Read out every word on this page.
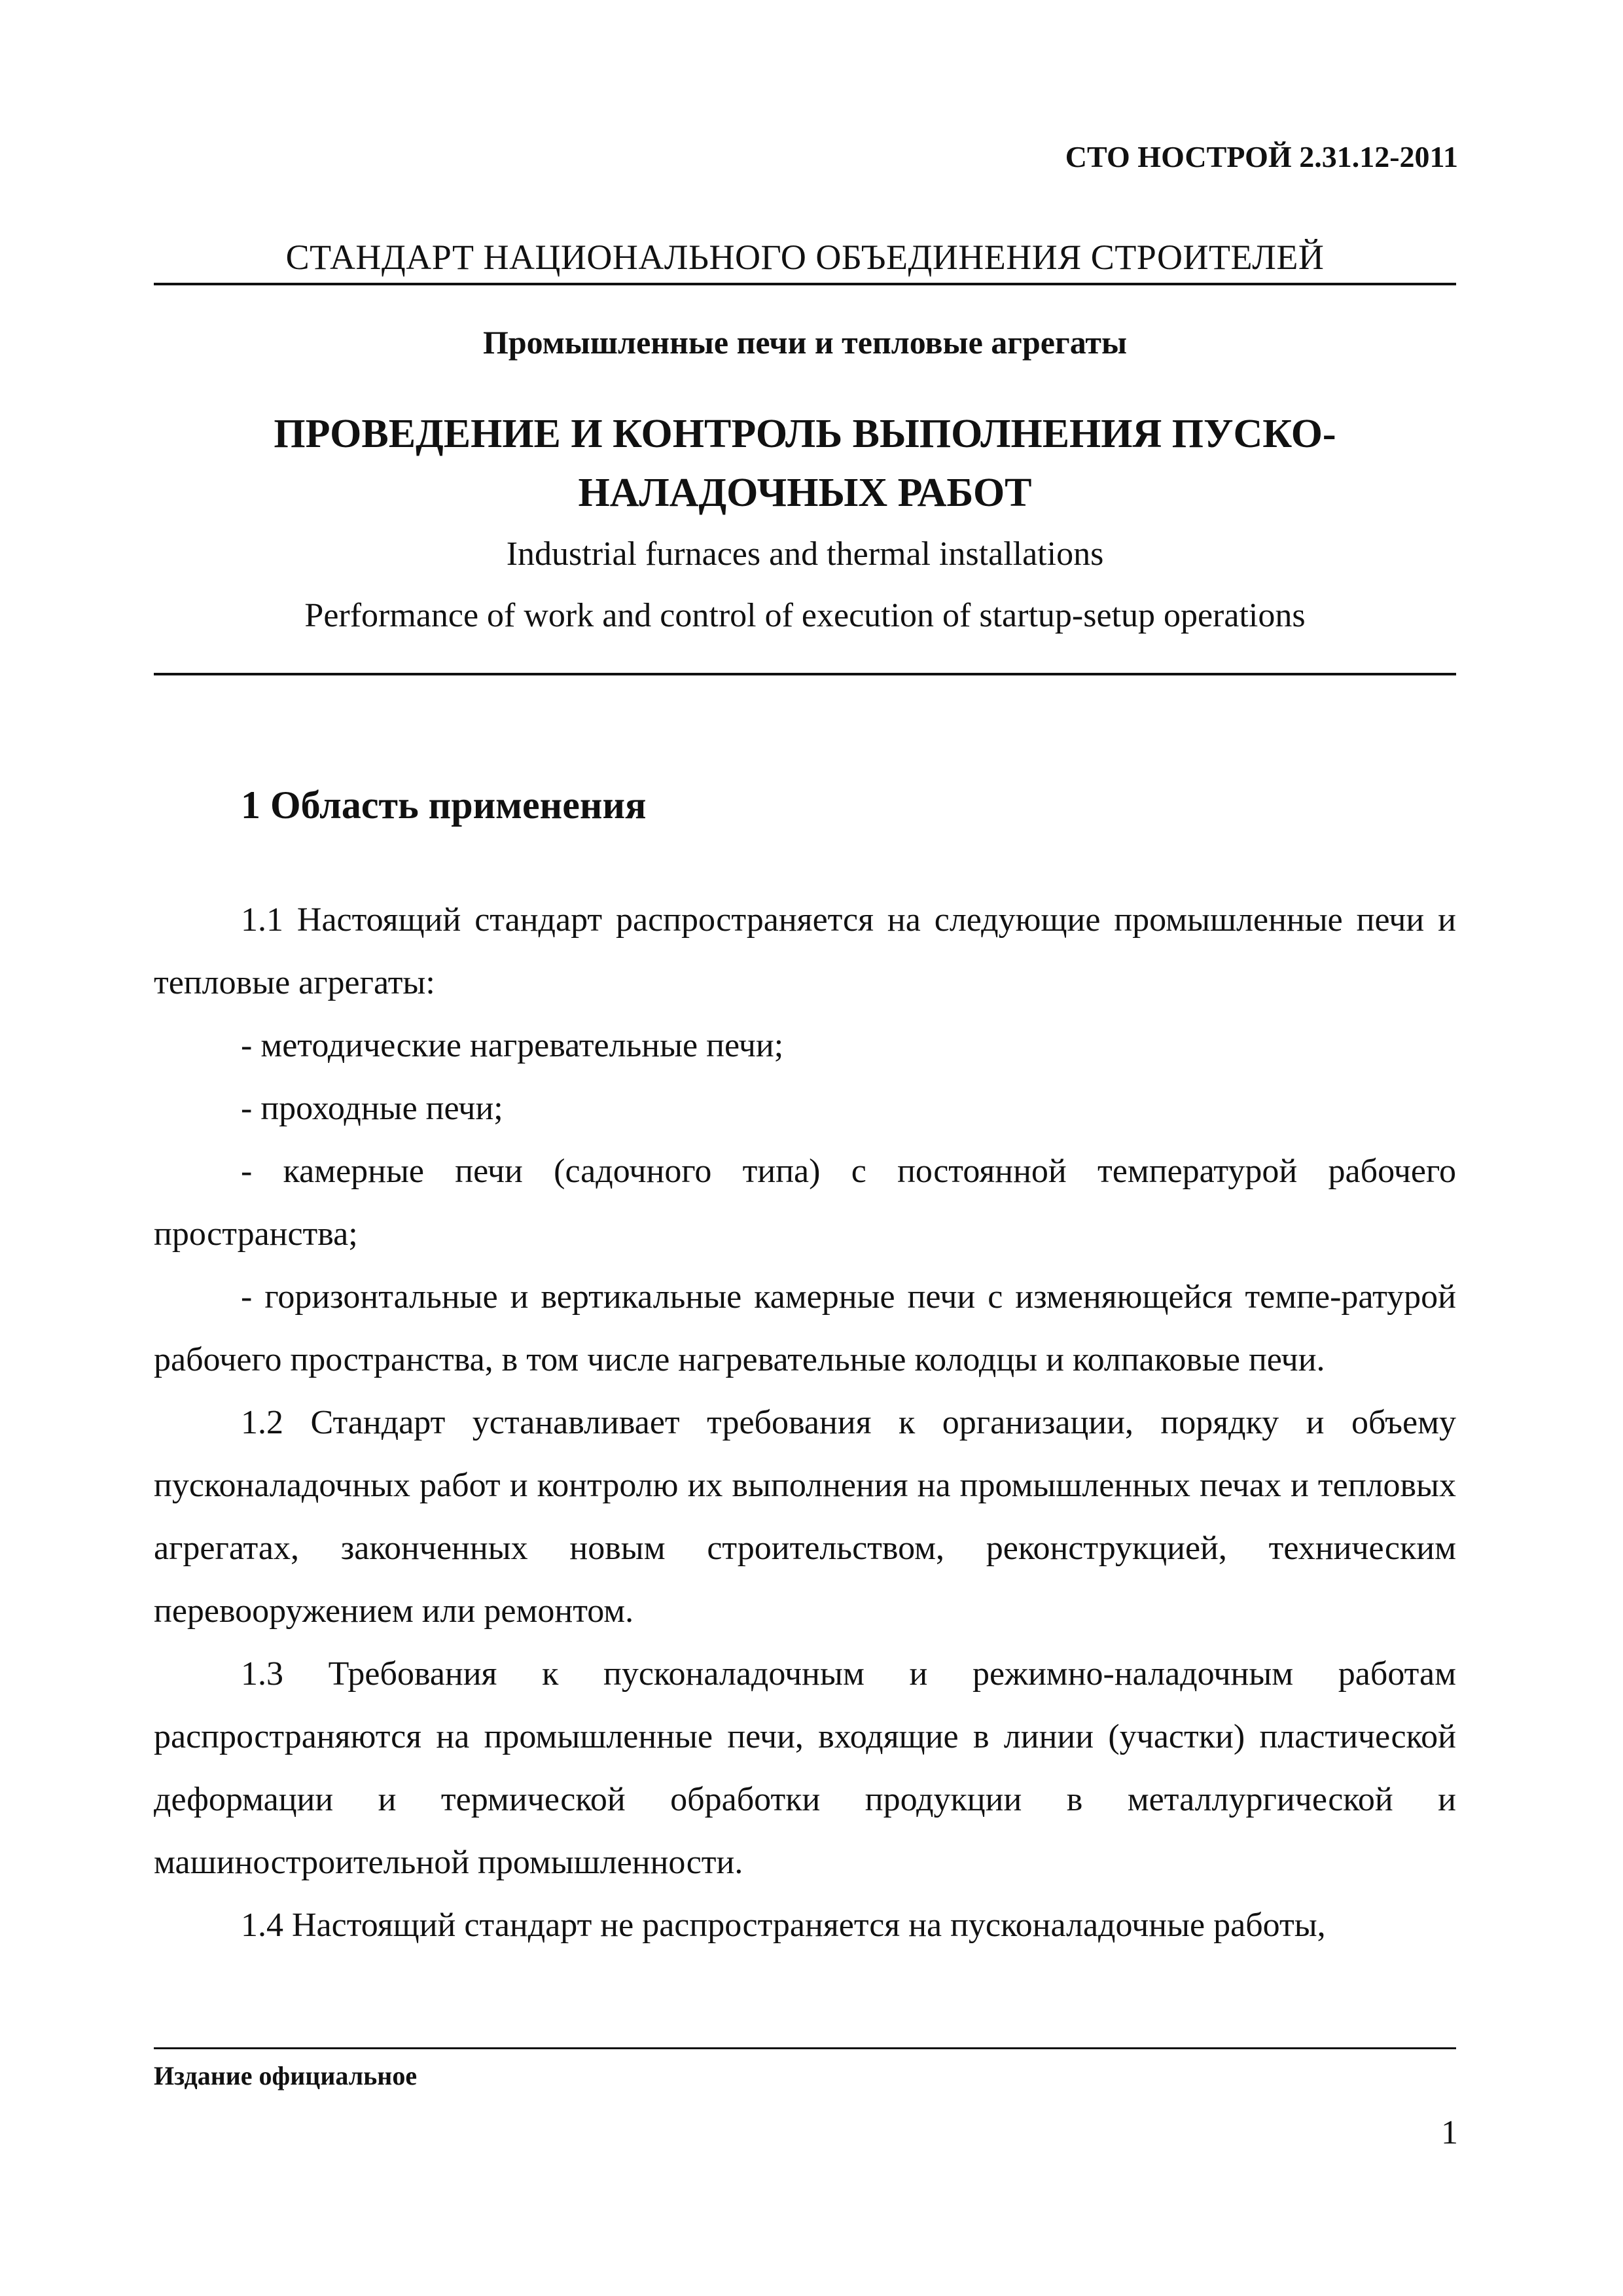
СТО НОСТРОЙ 2.31.12-2011
СТАНДАРТ НАЦИОНАЛЬНОГО ОБЪЕДИНЕНИЯ СТРОИТЕЛЕЙ
Промышленные печи и тепловые агрегаты
ПРОВЕДЕНИЕ И КОНТРОЛЬ ВЫПОЛНЕНИЯ ПУСКО-
НАЛАДОЧНЫХ РАБОТ
Industrial furnaces and thermal installations
Performance of work and control of execution of startup-setup operations
1 Область применения

1.1 Настоящий стандарт распространяется на следующие промышленные печи и тепловые агрегаты:

- методические нагревательные печи;

- проходные печи;

- камерные печи (садочного типа) с постоянной температурой рабочего пространства;

- горизонтальные и вертикальные камерные печи с изменяющейся темпе-ратурой рабочего пространства, в том числе нагревательные колодцы и колпаковые печи.

1.2 Стандарт устанавливает требования к организации, порядку и объему пусконаладочных работ и контролю их выполнения на промышленных печах и тепловых агрегатах, законченных новым строительством, реконструкцией, техническим перевооружением или ремонтом.

1.3 Требования к пусконаладочным и режимно-наладочным работам распространяются на промышленные печи, входящие в линии (участки) пластической деформации и термической обработки продукции в металлургической и машиностроительной промышленности.

1.4 Настоящий стандарт не распространяется на пусконаладочные работы,

Издание официальное
1
